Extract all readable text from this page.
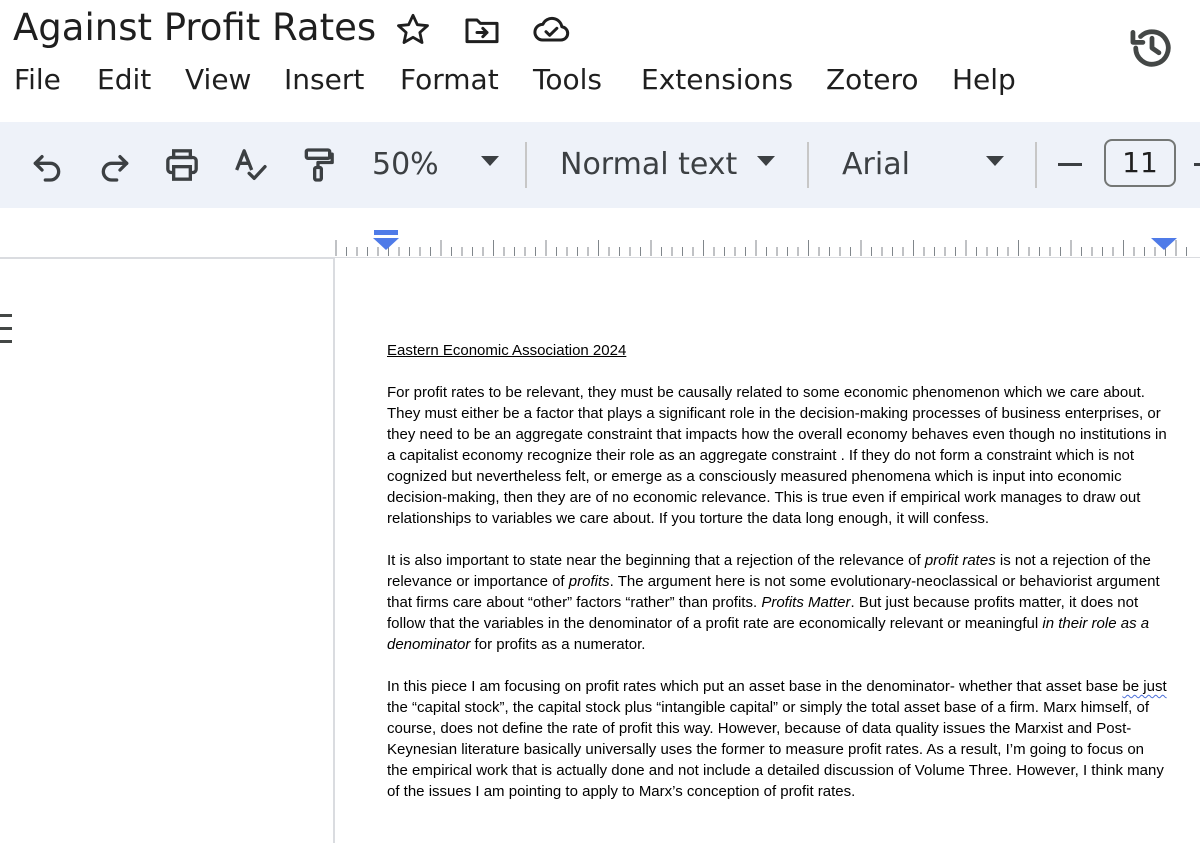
Against Profit Rates
File Edit View Insert Format Tools Extensions Zotero Help
50%	Normal text	Arial	11

Eastern Economic Association 2024

For profit rates to be relevant, they must be causally related to some economic phenomenon which we care about. They must either be a factor that plays a significant role in the decision-making processes of business enterprises, or they need to be an aggregate constraint that impacts how the overall economy behaves even though no institutions in a capitalist economy recognize their role as an aggregate constraint . If they do not form a constraint which is not cognized but nevertheless felt, or emerge as a consciously measured phenomena which is input into economic decision-making, then they are of no economic relevance. This is true even if empirical work manages to draw out relationships to variables we care about. If you torture the data long enough, it will confess.

It is also important to state near the beginning that a rejection of the relevance of profit rates is not a rejection of the relevance or importance of profits. The argument here is not some evolutionary-neoclassical or behaviorist argument that firms care about “other” factors “rather” than profits. Profits Matter. But just because profits matter, it does not follow that the variables in the denominator of a profit rate are economically relevant or meaningful in their role as a denominator for profits as a numerator.

In this piece I am focusing on profit rates which put an asset base in the denominator- whether that asset base be just the “capital stock”, the capital stock plus “intangible capital” or simply the total asset base of a firm. Marx himself, of course, does not define the rate of profit this way. However, because of data quality issues the Marxist and Post-Keynesian literature basically universally uses the former to measure profit rates. As a result, I’m going to focus on the empirical work that is actually done and not include a detailed discussion of Volume Three. However, I think many of the issues I am pointing to apply to Marx’s conception of profit rates.
